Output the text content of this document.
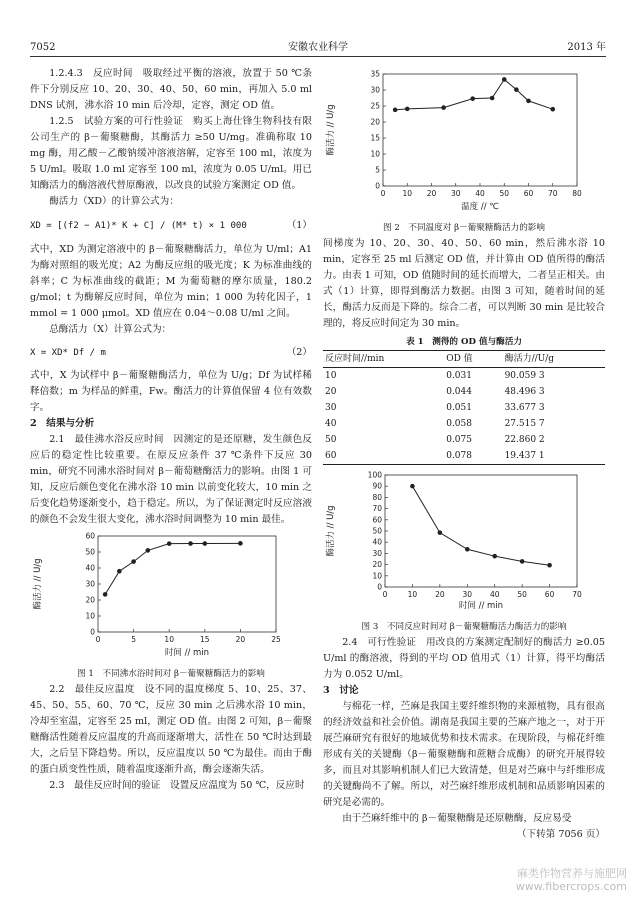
7052	安徽农业科学	2013 年

1.2.4.3　反应时间　吸取经过平衡的溶液，放置于 50 ℃条件下分别反应 10、20、30、40、50、60 min，再加入 5.0 ml DNS 试剂，沸水浴 10 min 后冷却，定容，测定 OD 值。

1.2.5　试验方案的可行性验证　购买上海仕锋生物科技有限公司生产的 β－葡聚糖酶，其酶活力 ≥50 U/mg。准确称取 10 mg 酶，用乙酸－乙酸钠缓冲溶液溶解，定容至 100 ml，浓度为 5 U/ml。吸取 1.0 ml 定容至 100 ml，浓度为 0.05 U/ml。用已知酶活力的酶溶液代替原酶液，以改良的试验方案测定 OD 值。

酶活力（XD）的计算公式为：

XD = [(f2 − A1)* K + C] / (M* t) × 1 000	（1）

式中，XD 为测定溶液中的 β－葡聚糖酶活力，单位为 U/ml；A1 为酶对照组的吸光度；A2 为酶反应组的吸光度；K 为标准曲线的斜率；C 为标准曲线的截距；M 为葡萄糖的摩尔质量，180.2 g/mol；t 为酶解反应时间，单位为 min；1 000 为转化因子，1 mmol = 1 000 μmol。XD 值应在 0.04～0.08 U/ml 之间。

总酶活力（X）计算公式为：

X = XD* Df / m	（2）

式中，X 为试样中 β－葡聚糖酶活力，单位为 U/g；Df 为试样稀释倍数；m 为样品的鲜重，Fw。酶活力的计算值保留 4 位有效数字。

2　结果与分析

2.1　最佳沸水浴反应时间　因测定的是还原糖，发生颜色反应后的稳定性比较重要。在原反应条件 37 ℃条件下反应 30 min，研究不同沸水浴时间对 β－葡萄糖酶活力的影响。由图 1 可知，反应后颜色变化在沸水浴 10 min 以前变化较大，10 min 之后变化趋势逐渐变小，趋于稳定。所以，为了保证测定时反应溶液的颜色不会发生很大变化，沸水浴时间调整为 10 min 最佳。

0	5	10	15	20	25
0
10
20
30
40
50
60
时间 // min
酶活力 // U/g
图 1　不同沸水浴时间对 β－葡聚糖酶活力的影响

2.2　最佳反应温度　设不同的温度梯度 5、10、25、37、45、50、55、60、70 ℃，反应 30 min 之后沸水浴 10 min，冷却至室温，定容至 25 ml，测定 OD 值。由图 2 可知，β－葡聚糖酶活性随着反应温度的升高而逐渐增大，活性在 50 ℃时达到最大，之后呈下降趋势。所以，反应温度以 50 ℃为最佳。而由于酶的蛋白质变性性质，随着温度逐渐升高，酶会逐渐失活。

2.3　最佳反应时间的验证　设置反应温度为 50 ℃，反应时

0 10 20 30 40 50 60 70 80
0
5
10
15
20
25
30
35
温度 // ℃
酶活力 // U/g
图 2　不同温度对 β－葡聚糖酶活力的影响

间梯度为 10、20、30、40、50、60 min，然后沸水浴 10 min，定容至 25 ml 后测定 OD 值，并计算由 OD 值所得的酶活力。由表 1 可知，OD 值随时间的延长而增大，二者呈正相关。由式（1）计算，即得到酶活力数据。由图 3 可知，随着时间的延长，酶活力反而是下降的。综合二者，可以判断 30 min 是比较合理的，将反应时间定为 30 min。

表 1　测得的 OD 值与酶活力
反应时间//min	OD 值	酶活力//U/g
10	0.031	90.059 3
20	0.044	48.496 3
30	0.051	33.677 3
40	0.058	27.515 7
50	0.075	22.860 2
60	0.078	19.437 1
0	10 20 30 40 50 60 70
0
10
20
30
40
50
60
70
80
90
100
时间 // min
酶活力 // U/g
图 3　不同反应时间对 β－葡聚糖酶活力酶活力的影响

2.4　可行性验证　用改良的方案测定配制好的酶活力 ≥0.05 U/ml 的酶溶液，得到的平均 OD 值用式（1）计算，得平均酶活力为 0.052 U/ml。

3　讨论

与棉花一样，苎麻是我国主要纤维织物的来源植物，具有很高的经济效益和社会价值。湖南是我国主要的苎麻产地之一，对于开展苎麻研究有很好的地域优势和技术需求。在现阶段，与棉花纤维形成有关的关键酶（β－葡聚糖酶和蔗糖合成酶）的研究开展得较多，而且对其影响机制人们已大致清楚，但是对苎麻中与纤维形成的关键酶尚不了解。所以，对苎麻纤维形成机制和品质影响因素的研究是必需的。

由于苎麻纤维中的 β－葡聚糖酶是还原糖酶，反应易受

（下转第 7056 页）

麻类作物营养与施肥网
www.fibercrops.com
